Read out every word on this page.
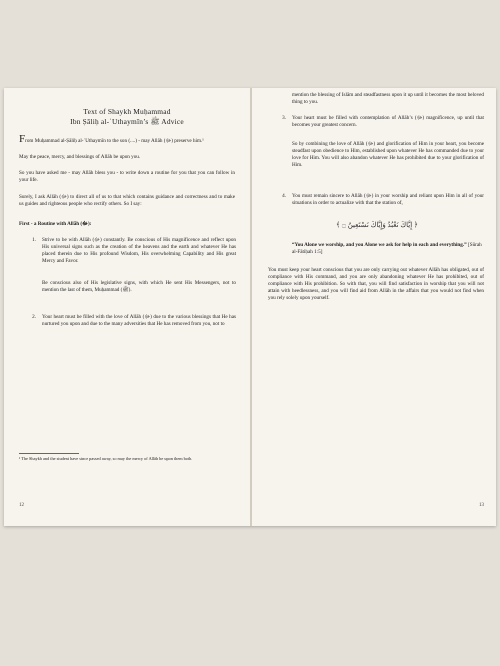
Text of Shaykh Muḥammad
Ibn Ṣāliḥ al-ʿUthaymīn’s ﷺ Advice
From Muḥammad al-Ṣāliḥ al-ʿUthaymīn to the son (....) - may Allāh (ﷻ) preserve him.¹
May the peace, mercy, and blessings of Allāh be upon you.
So you have asked me - may Allāh bless you - to write down a routine for you that you can follow in your life.
Surely, I ask Allāh (ﷻ) to direct all of us to that which contains guidance and correctness and to make us guides and righteous people who rectify others. So I say:
First - a Routine with Allāh (ﷻ):
1. Strive to be with Allāh (ﷻ) constantly. Be conscious of His magnificence and reflect upon His universal signs such as the creation of the heavens and the earth and whatever He has placed therein due to His profound Wisdom, His overwhelming Capability and His great Mercy and Favor.
Be conscious also of His legislative signs, with which He sent His Messengers, not to mention the last of them, Muḥammad (ﷺ).
2. Your heart must be filled with the love of Allāh (ﷻ) due to the various blessings that He has nurtured you upon and due to the many adversities that He has removed from you, not to
¹ The Shaykh and the student have since passed away, so may the mercy of Allāh be upon them both.
12
mention the blessing of Islām and steadfastness upon it up until it becomes the most beloved thing to you.
3. Your heart must be filled with contemplation of Allāh’s (ﷻ) magnificence, up until that becomes your greatest concern.
So by combining the love of Allāh (ﷻ) and glorification of Him in your heart, you become steadfast upon obedience to Him, established upon whatever He has commanded due to your love for Him. You will also abandon whatever He has prohibited due to your glorification of Him.
4. You must remain sincere to Allāh (ﷻ) in your worship and reliant upon Him in all of your situations in order to actualize with that the station of,
﴿ إِيَّاكَ نَعْبُدُ وَإِيَّاكَ نَسْتَعِينُ ۝ ﴾
“You Alone we worship, and you Alone we ask for help in each and everything.” [Sūrah al-Fātiḥah 1:5]
You must keep your heart conscious that you are only carrying out whatever Allāh has obligated, out of compliance with His command, and you are only abandoning whatever He has prohibited, out of compliance with His prohibition. So with that, you will find satisfaction in worship that you will not attain with heedlessness, and you will find aid from Allāh in the affairs that you would not find when you rely solely upon yourself.
13
